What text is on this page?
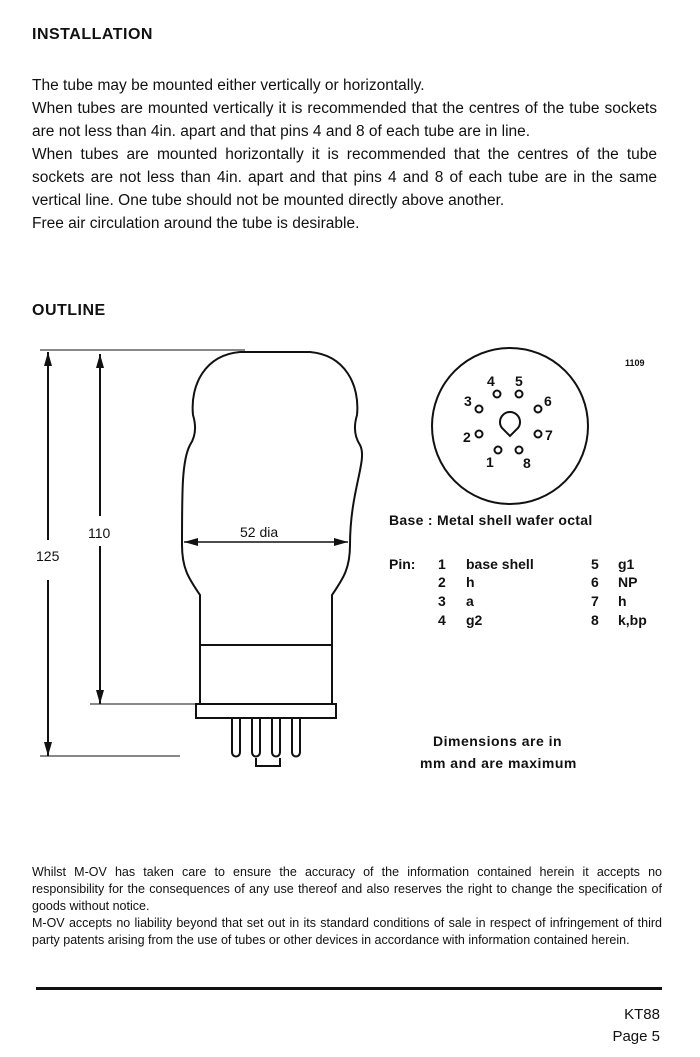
INSTALLATION

The tube may be mounted either vertically or horizontally.

When tubes are mounted vertically it is recommended that the centres of the tube sockets are not less than 4in. apart and that pins 4 and 8 of each tube are in line.

When tubes are mounted horizontally it is recommended that the centres of the tube sockets are not less than 4in. apart and that pins 4 and 8 of each tube are in the same vertical line. One tube should not be mounted directly above another.

Free air circulation around the tube is desirable.

OUTLINE
110
125
52 dia
1109
4 5
3	6
2	7
1 8
Base : Metal shell wafer octal
Pin: 1 base shell	5 g1
2 h	6 NP
3 a	7 h
4 g2	8 k,bp
Dimensions are in
mm and are maximum

Whilst M-OV has taken care to ensure the accuracy of the information contained herein it accepts no responsibility for the consequences of any use thereof and also reserves the right to change the specification of goods without notice.

M-OV accepts no liability beyond that set out in its standard conditions of sale in respect of infringement of third party patents arising from the use of tubes or other devices in accordance with information contained herein.

KT88
Page 5
